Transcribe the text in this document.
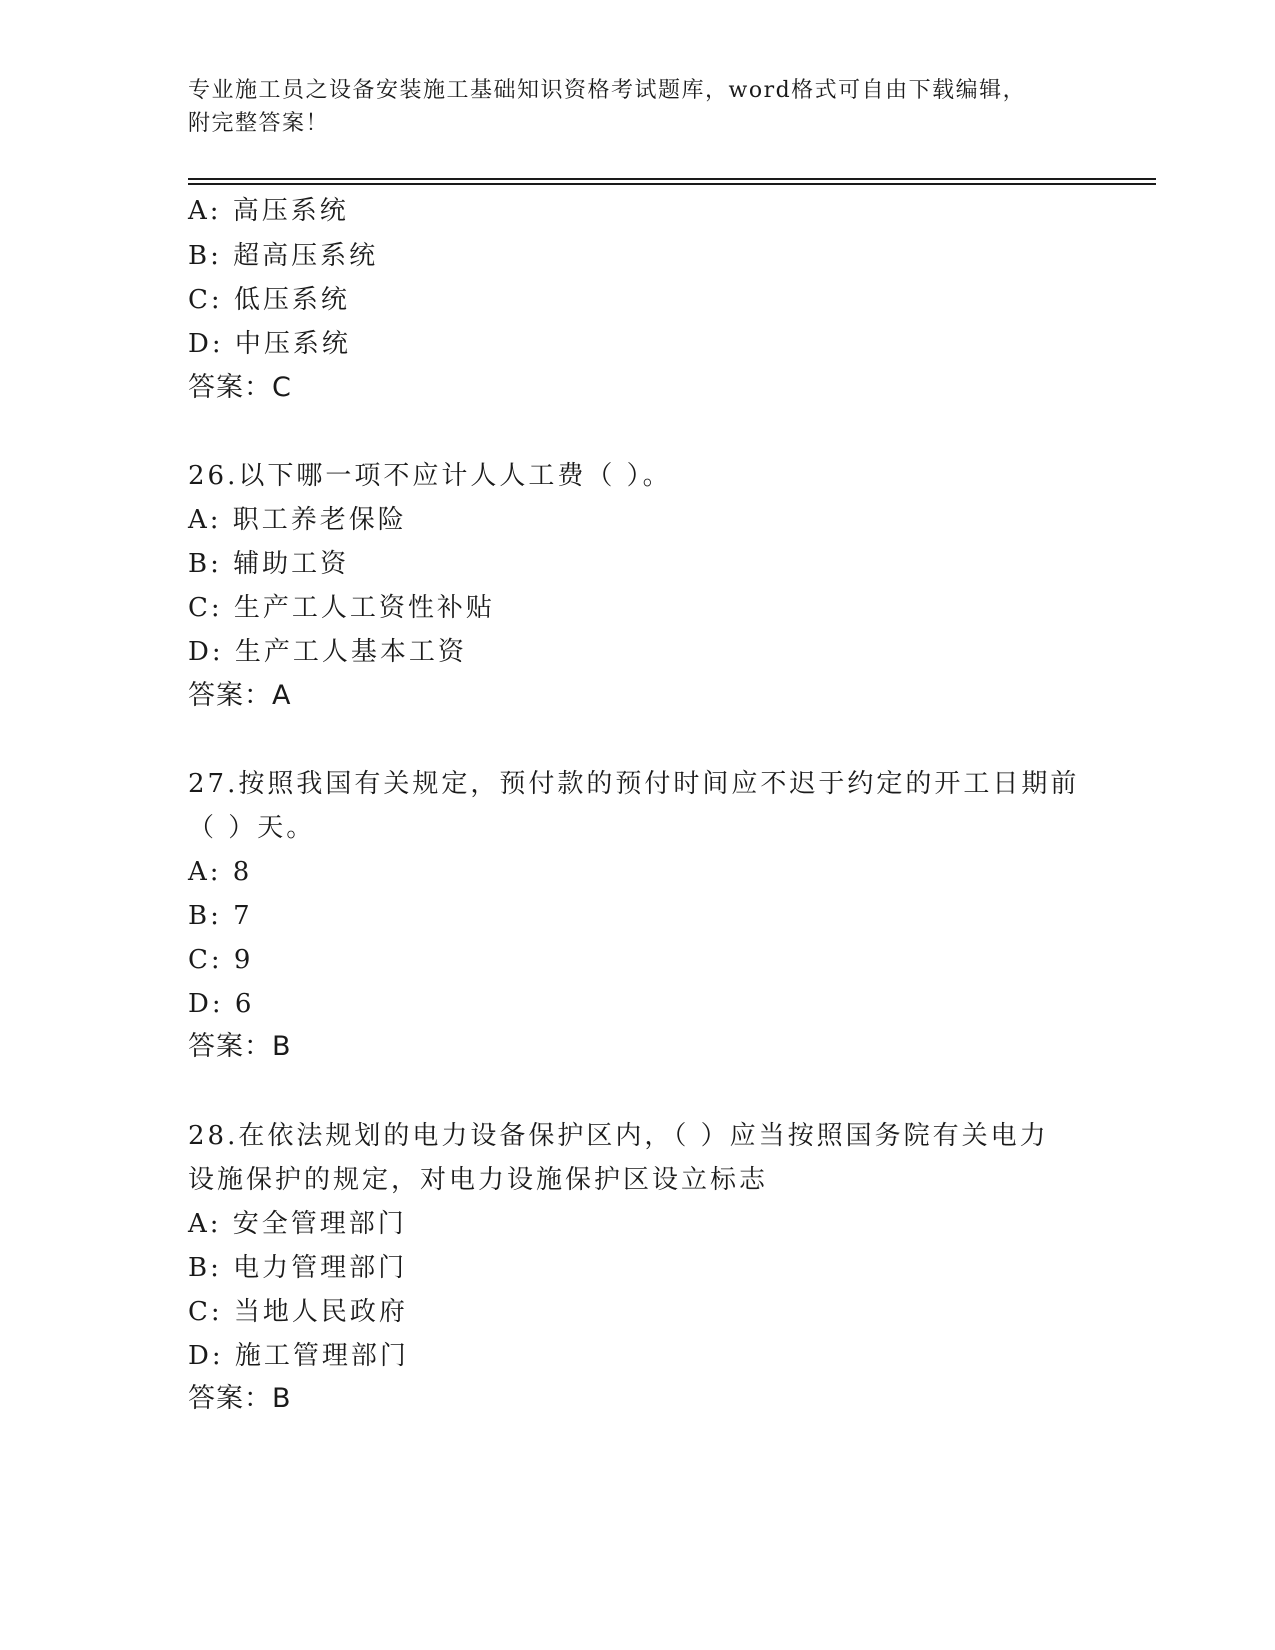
专业施工员之设备安装施工基础知识资格考试题库，word格式可自由下载编辑，
附完整答案！
A: 高压系统
B: 超高压系统
C: 低压系统
D: 中压系统
答案：C
26.以下哪一项不应计人人工费（ ）。
A: 职工养老保险
B: 辅助工资
C: 生产工人工资性补贴
D: 生产工人基本工资
答案：A
27.按照我国有关规定，预付款的预付时间应不迟于约定的开工日期前
（ ）天。
A: 8
B: 7
C: 9
D: 6
答案：B
28.在依法规划的电力设备保护区内，（ ）应当按照国务院有关电力
设施保护的规定，对电力设施保护区设立标志
A: 安全管理部门
B: 电力管理部门
C: 当地人民政府
D: 施工管理部门
答案：B
